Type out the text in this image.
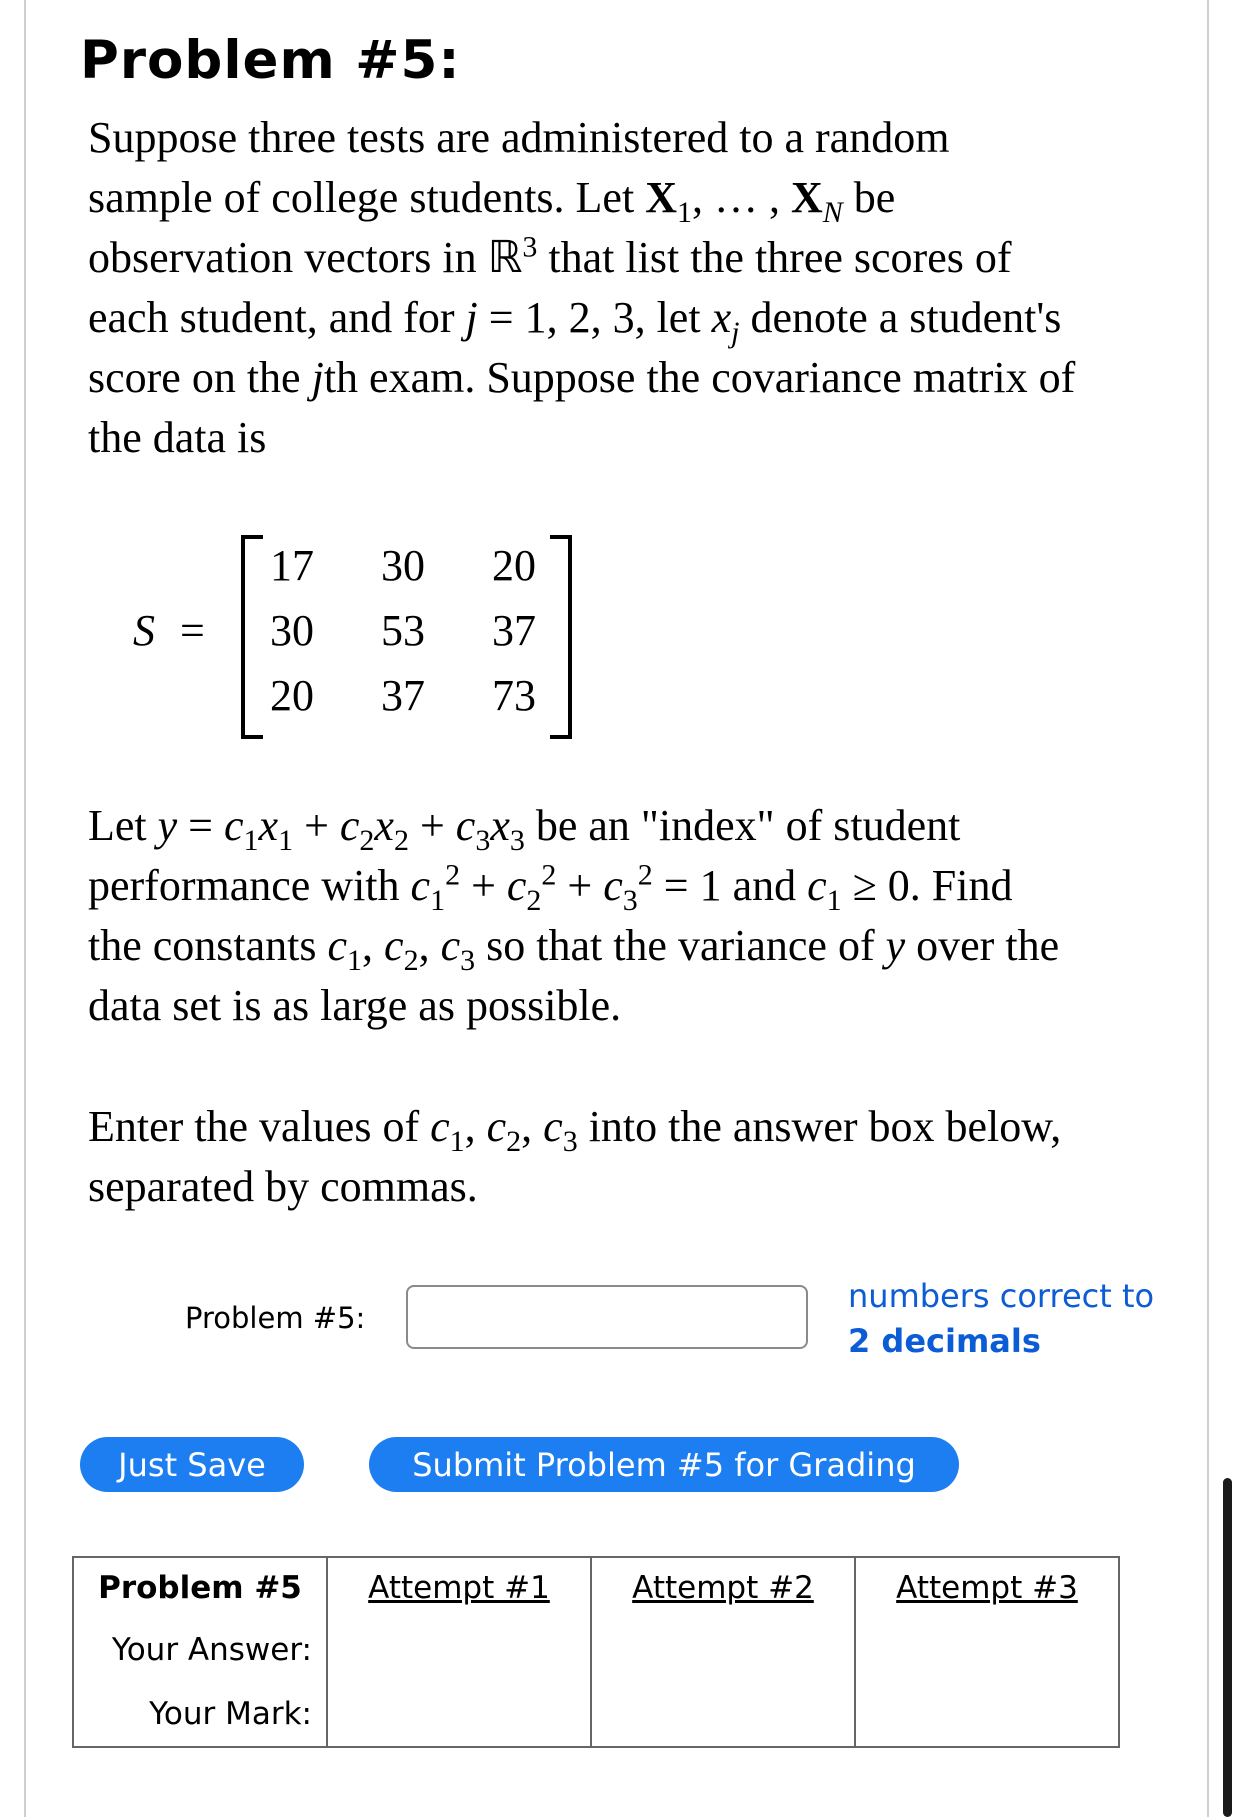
Problem #5:

Suppose three tests are administered to a random

sample of college students. Let $X_1$, … , $X_N$ be

observation vectors in ℝ$^3$ that list the three scores of

each student, and for j = 1, 2, 3, let $x_j$ denote a student's

score on the jth exam. Suppose the covariance matrix of

the data is

S =
17 30 20
30 53 37
20 37 73

Let $y = c_1x_1 + c_2x_2 + c_3x_3$ be an "index" of student

performance with $c_1^2 + c_2^2 + c_3^2 = 1$ and $c_1 \ge 0$. Find

the constants $c_1$, $c_2$, $c_3$ so that the variance of y over the

data set is as large as possible.

Enter the values of $c_1$, $c_2$, $c_3$ into the answer box below,

separated by commas.

Problem #5:
numbers correct to
2 decimals
Just Save	Submit Problem #5 for Grading
Problem #5	Attempt #1	Attempt #2	Attempt #3
Your Answer:			
Your Mark:			
